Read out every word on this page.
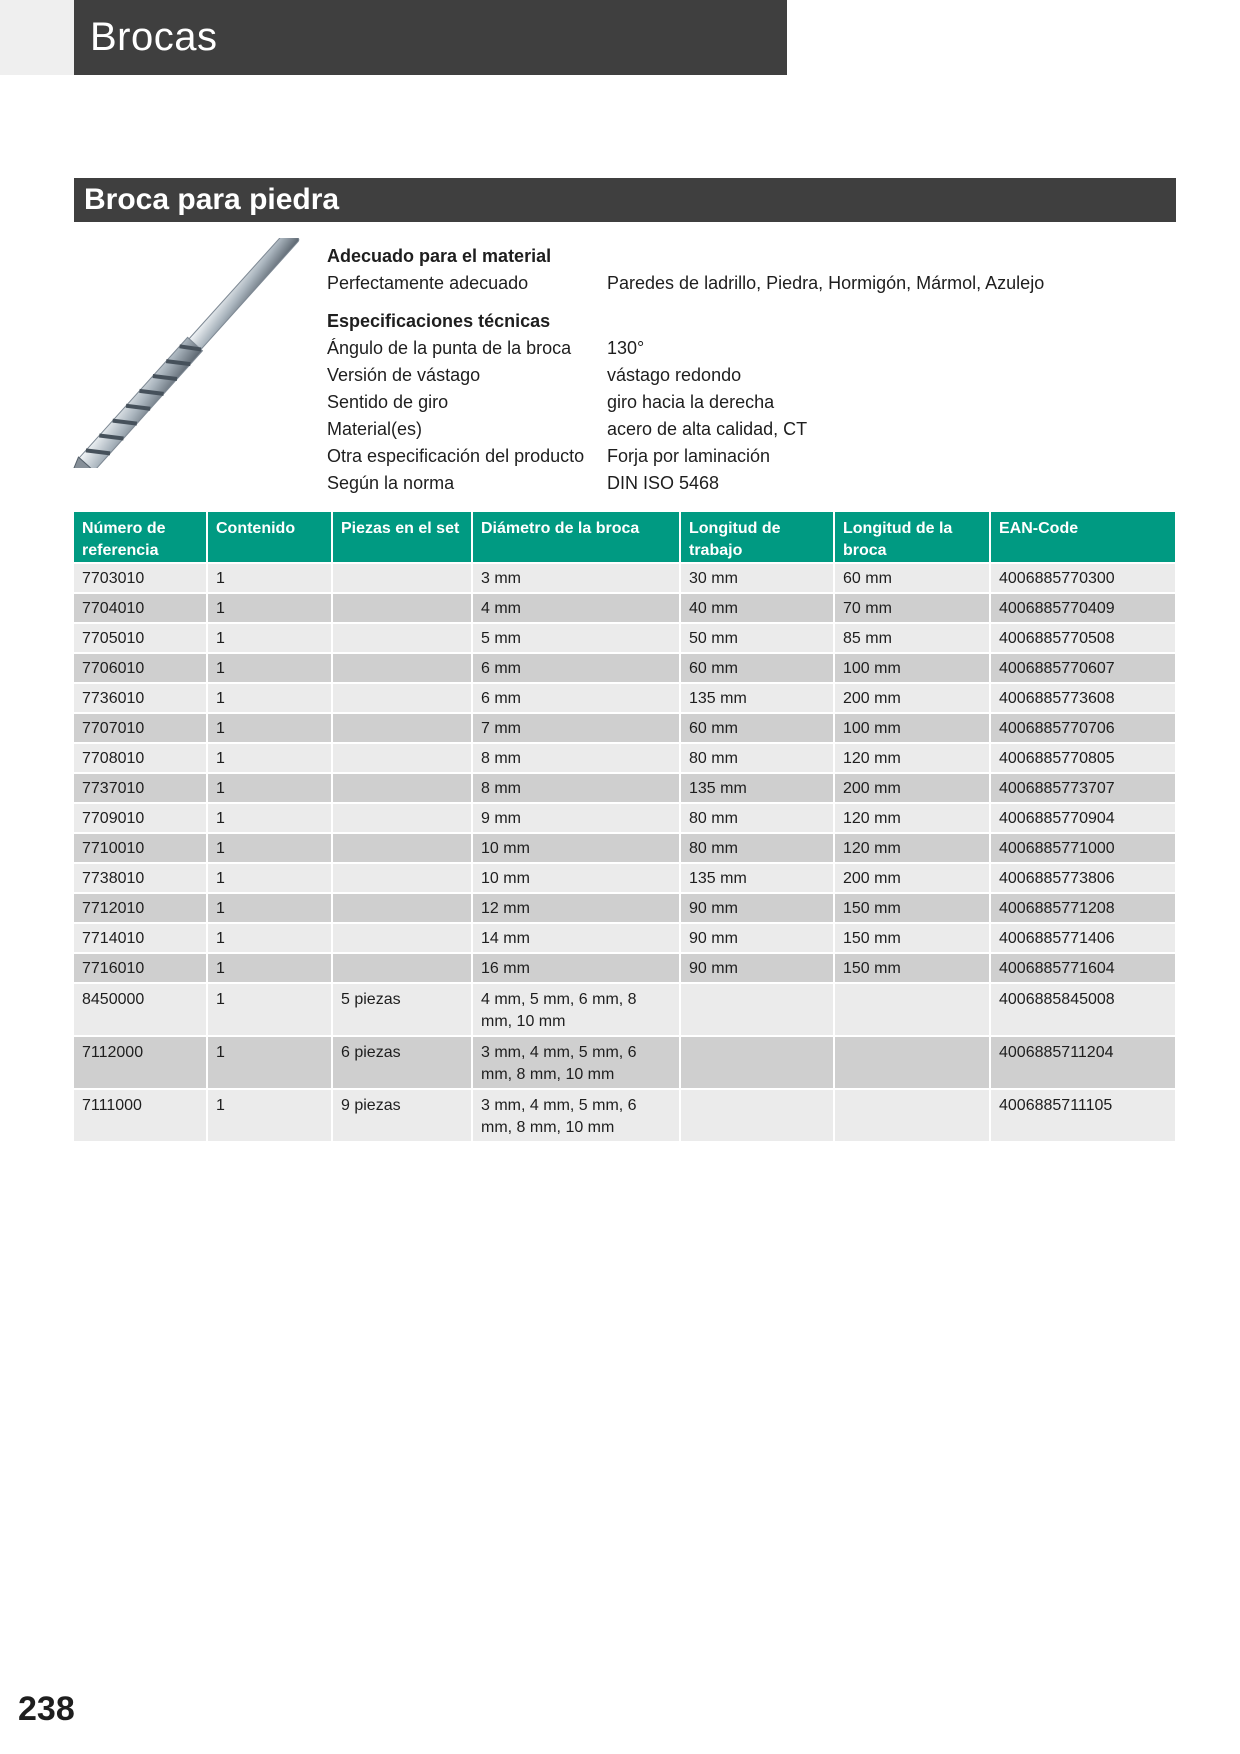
Brocas
Broca para piedra
Adecuado para el material
Perfectamente adecuado	Paredes de ladrillo, Piedra, Hormigón, Mármol, Azulejo
Especificaciones técnicas
Ángulo de la punta de la broca	130°
Versión de vástago	vástago redondo
Sentido de giro	giro hacia la derecha
Material(es)	acero de alta calidad, CT
Otra especificación del producto	Forja por laminación
Según la norma	DIN ISO 5468
Número de referencia	Contenido	Piezas en el set	Diámetro de la broca	Longitud de trabajo	Longitud de la broca	EAN-Code
7703010	1		3 mm	30 mm	60 mm	4006885770300
7704010	1		4 mm	40 mm	70 mm	4006885770409
7705010	1		5 mm	50 mm	85 mm	4006885770508
7706010	1		6 mm	60 mm	100 mm	4006885770607
7736010	1		6 mm	135 mm	200 mm	4006885773608
7707010	1		7 mm	60 mm	100 mm	4006885770706
7708010	1		8 mm	80 mm	120 mm	4006885770805
7737010	1		8 mm	135 mm	200 mm	4006885773707
7709010	1		9 mm	80 mm	120 mm	4006885770904
7710010	1		10 mm	80 mm	120 mm	4006885771000
7738010	1		10 mm	135 mm	200 mm	4006885773806
7712010	1		12 mm	90 mm	150 mm	4006885771208
7714010	1		14 mm	90 mm	150 mm	4006885771406
7716010	1		16 mm	90 mm	150 mm	4006885771604
8450000	1	5 piezas	4 mm, 5 mm, 6 mm, 8 mm, 10 mm			4006885845008
7112000	1	6 piezas	3 mm, 4 mm, 5 mm, 6 mm, 8 mm, 10 mm			4006885711204
7111000	1	9 piezas	3 mm, 4 mm, 5 mm, 6 mm, 8 mm, 10 mm			4006885711105
238
